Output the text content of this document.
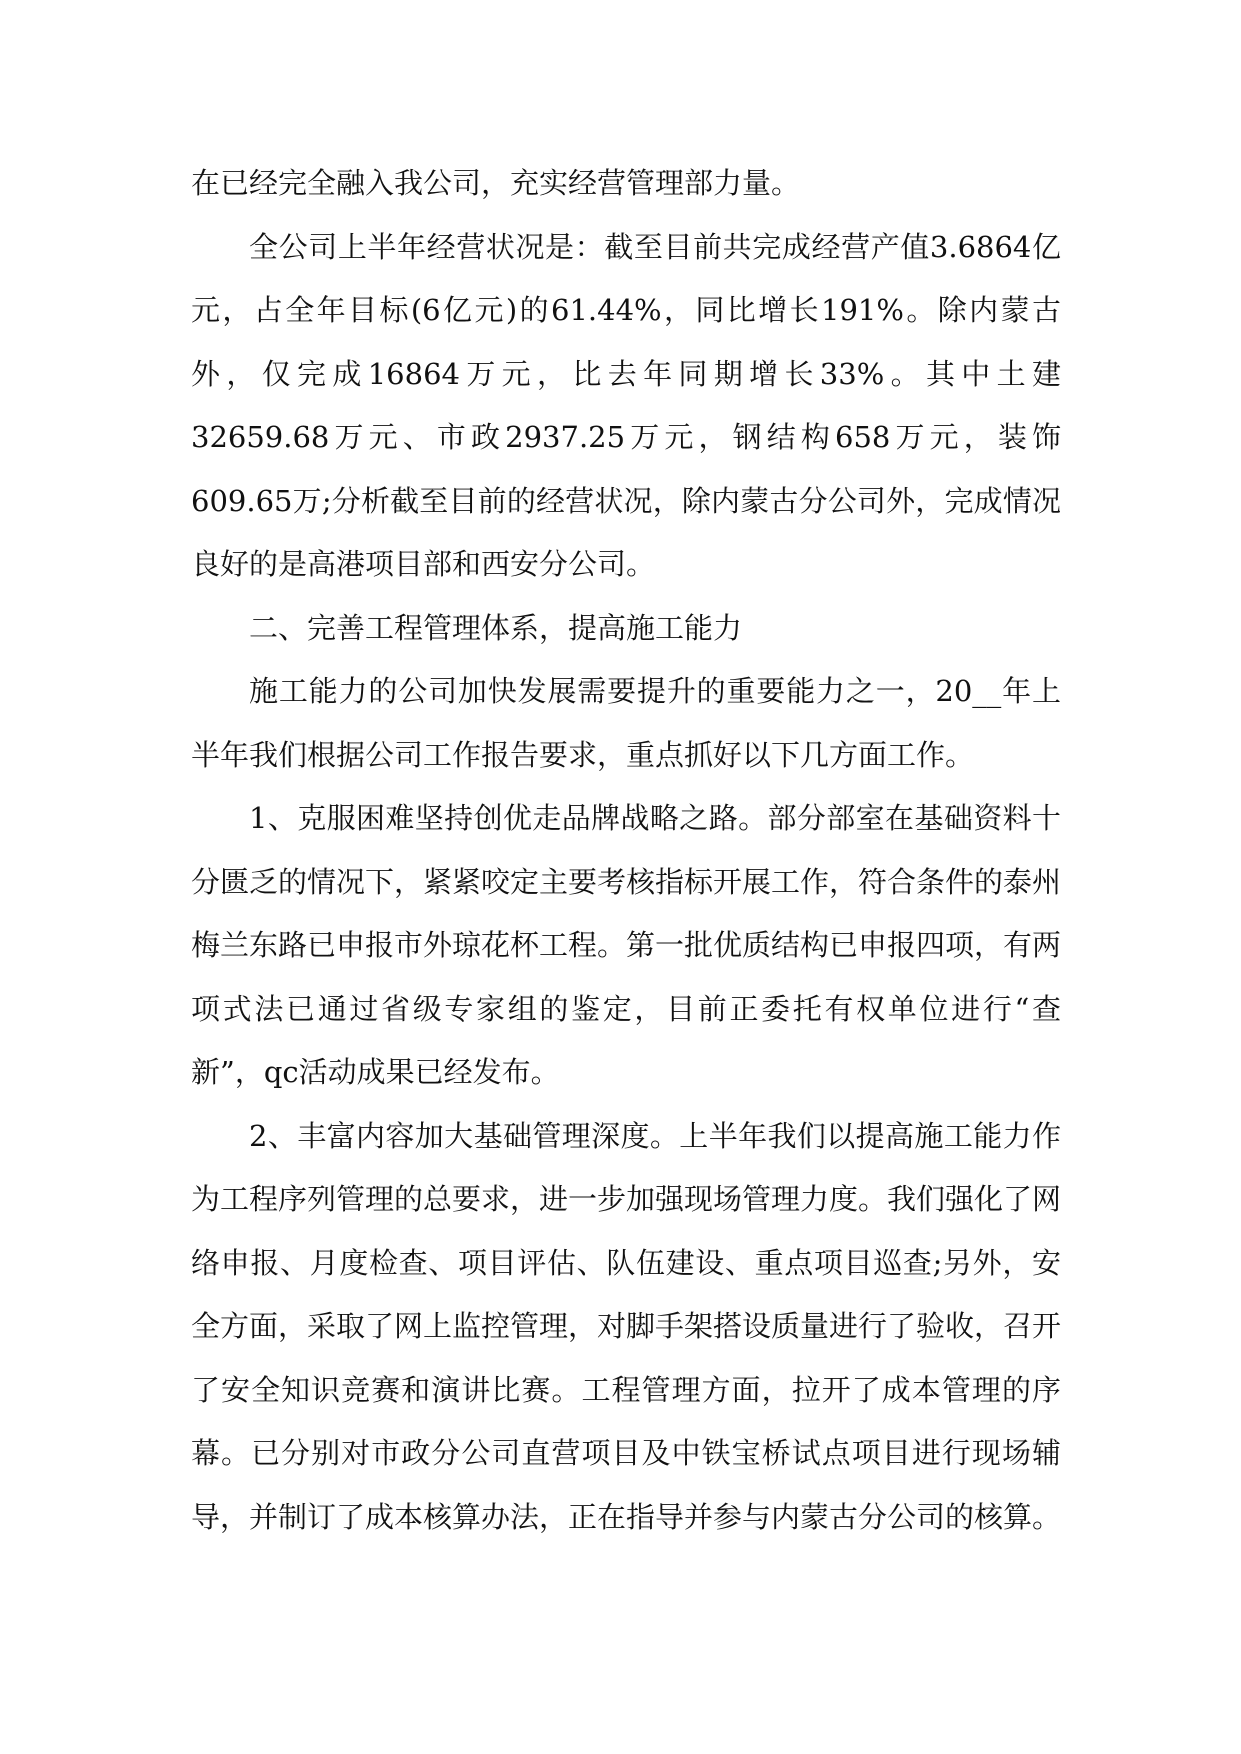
在已经完全融入我公司，充实经营管理部力量。

全公司上半年经营状况是：截至目前共完成经营产值3.6864亿元，占全年目标(6亿元)的61.44%，同比增长191%。除内蒙古外，仅完成16864万元，比去年同期增长33%。其中土建32659.68万元、市政2937.25万元，钢结构658万元，装饰609.65万;分析截至目前的经营状况，除内蒙古分公司外，完成情况良好的是高港项目部和西安分公司。

二、完善工程管理体系，提高施工能力

施工能力的公司加快发展需要提升的重要能力之一，20__年上半年我们根据公司工作报告要求，重点抓好以下几方面工作。

1、克服困难坚持创优走品牌战略之路。部分部室在基础资料十分匮乏的情况下，紧紧咬定主要考核指标开展工作，符合条件的泰州梅兰东路已申报市外琼花杯工程。第一批优质结构已申报四项，有两项式法已通过省级专家组的鉴定，目前正委托有权单位进行“查新”，qc活动成果已经发布。

2、丰富内容加大基础管理深度。上半年我们以提高施工能力作为工程序列管理的总要求，进一步加强现场管理力度。我们强化了网络申报、月度检查、项目评估、队伍建设、重点项目巡查;另外，安全方面，采取了网上监控管理，对脚手架搭设质量进行了验收，召开了安全知识竞赛和演讲比赛。工程管理方面，拉开了成本管理的序幕。已分别对市政分公司直营项目及中铁宝桥试点项目进行现场辅导，并制订了成本核算办法，正在指导并参与内蒙古分公司的核算。
